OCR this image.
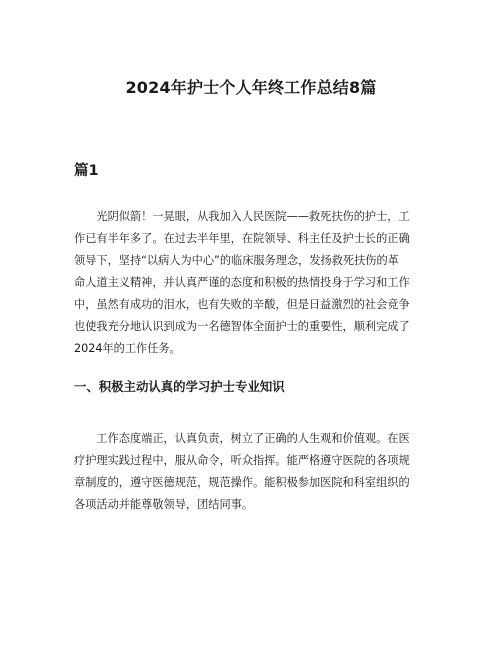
2024年护士个人年终工作总结8篇
篇1

　　光阴似箭！一晃眼，从我加入人民医院——救死扶伤的护士，工
作已有半年多了。在过去半年里，在院领导、科主任及护士长的正确
领导下，坚持“以病人为中心”的临床服务理念，发扬救死扶伤的革
命人道主义精神，并认真严谨的态度和积极的热情投身于学习和工作
中，虽然有成功的泪水，也有失败的辛酸，但是日益激烈的社会竞争
也使我充分地认识到成为一名德智体全面护士的重要性，顺利完成了
2024年的工作任务。

一、积极主动认真的学习护士专业知识

　　工作态度端正，认真负责，树立了正确的人生观和价值观。在医
疗护理实践过程中，服从命令，听众指挥。能严格遵守医院的各项规
章制度的，遵守医德规范，规范操作。能积极参加医院和科室组织的
各项活动并能尊敬领导，团结同事。
